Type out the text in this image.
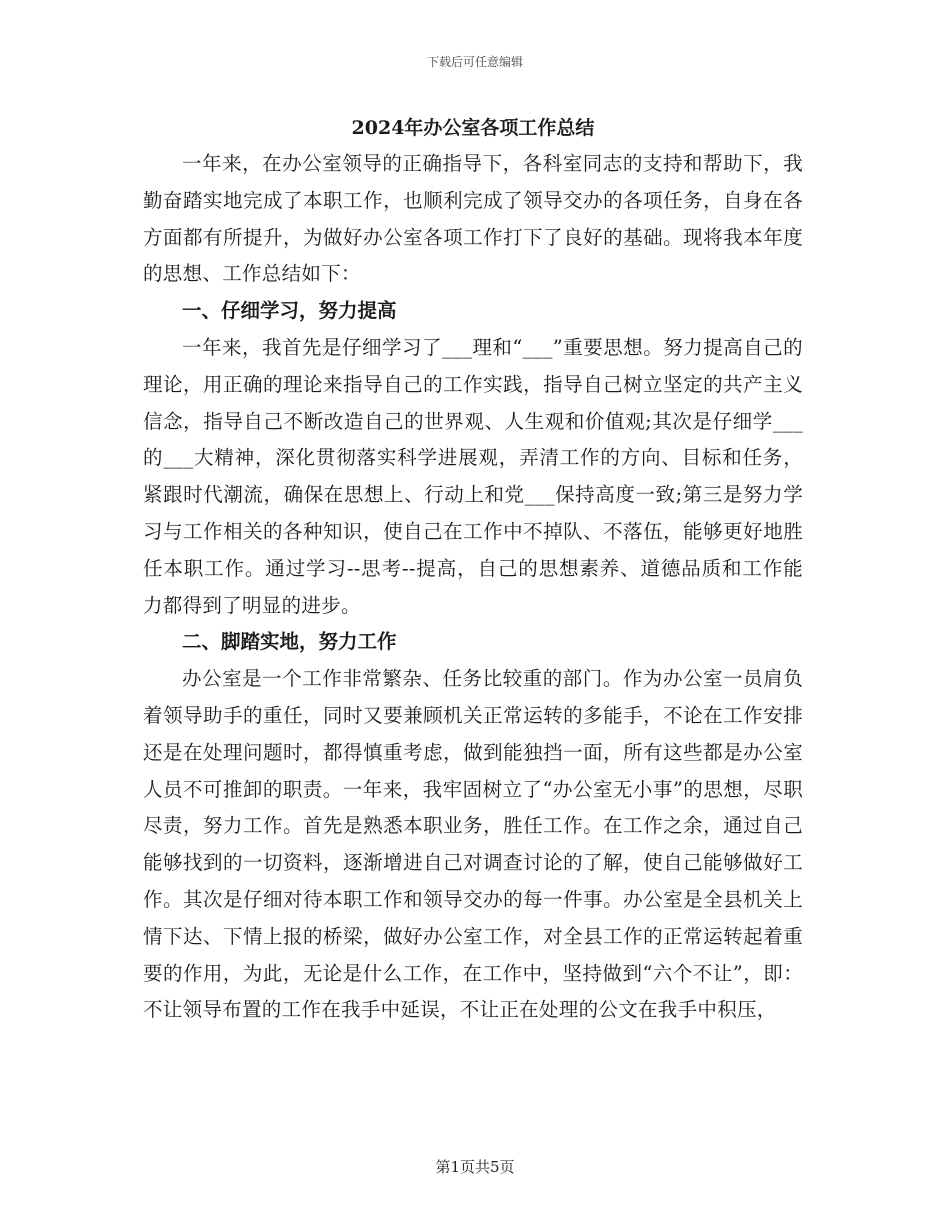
下载后可任意编辑
2024年办公室各项工作总结

一年来，在办公室领导的正确指导下，各科室同志的支持和帮助下，我勤奋踏实地完成了本职工作，也顺利完成了领导交办的各项任务，自身在各方面都有所提升，为做好办公室各项工作打下了良好的基础。现将我本年度的思想、工作总结如下：

一、仔细学习，努力提高

一年来，我首先是仔细学习了___理和“___”重要思想。努力提高自己的理论，用正确的理论来指导自己的工作实践，指导自己树立坚定的共产主义信念，指导自己不断改造自己的世界观、人生观和价值观;其次是仔细学___的___大精神，深化贯彻落实科学进展观，弄清工作的方向、目标和任务，紧跟时代潮流，确保在思想上、行动上和党___保持高度一致;第三是努力学习与工作相关的各种知识，使自己在工作中不掉队、不落伍，能够更好地胜任本职工作。通过学习--思考--提高，自己的思想素养、道德品质和工作能力都得到了明显的进步。

二、脚踏实地，努力工作

办公室是一个工作非常繁杂、任务比较重的部门。作为办公室一员肩负着领导助手的重任，同时又要兼顾机关正常运转的多能手，不论在工作安排还是在处理问题时，都得慎重考虑，做到能独挡一面，所有这些都是办公室人员不可推卸的职责。一年来，我牢固树立了“办公室无小事”的思想，尽职尽责，努力工作。首先是熟悉本职业务，胜任工作。在工作之余，通过自己能够找到的一切资料，逐渐增进自己对调查讨论的了解，使自己能够做好工作。其次是仔细对待本职工作和领导交办的每一件事。办公室是全县机关上情下达、下情上报的桥梁，做好办公室工作，对全县工作的正常运转起着重要的作用，为此，无论是什么工作，在工作中，坚持做到“六个不让”，即：不让领导布置的工作在我手中延误，不让正在处理的公文在我手中积压，

第1页共5页
